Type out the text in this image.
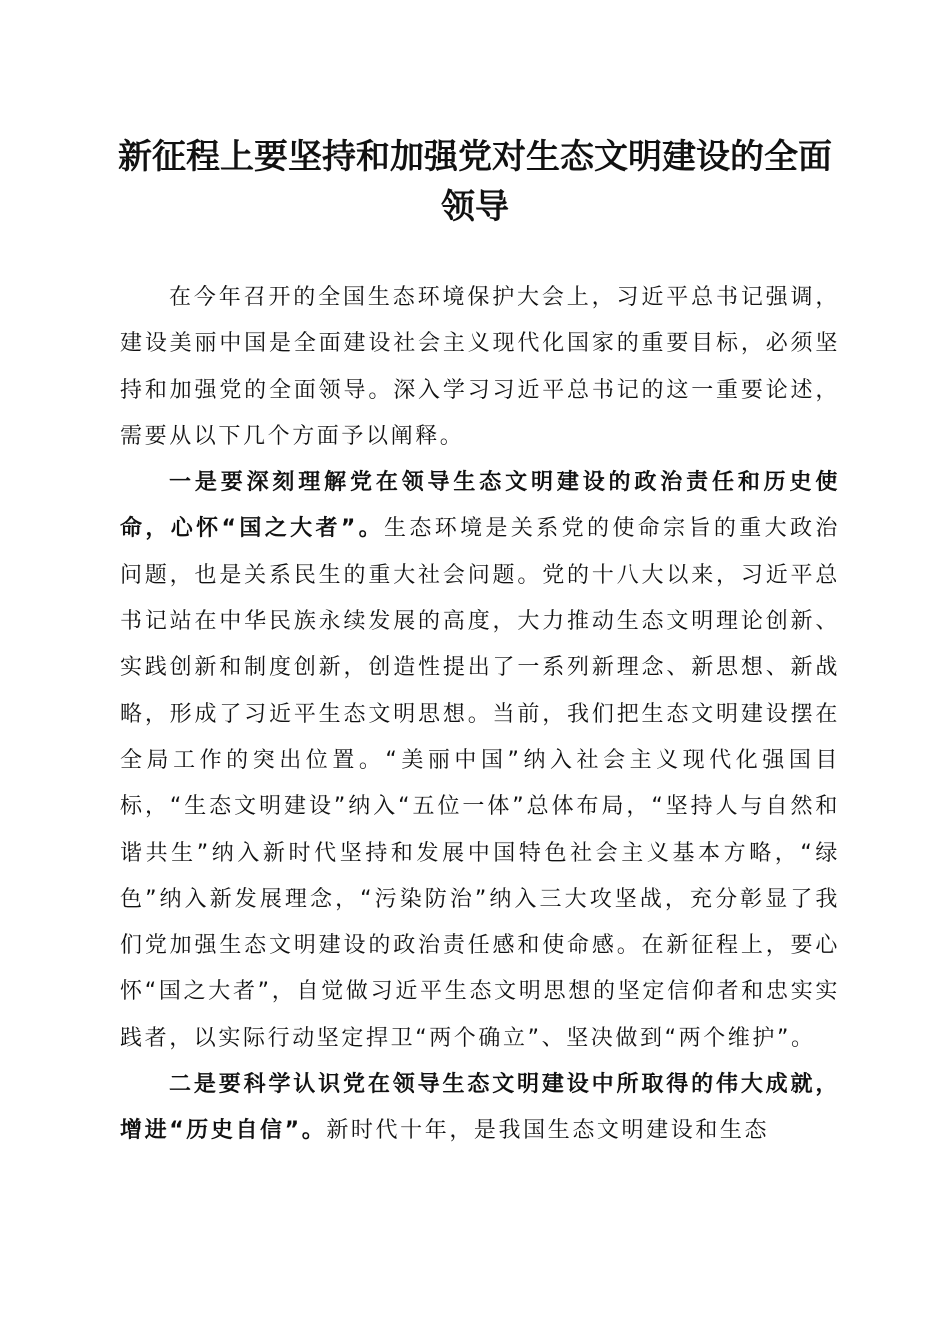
新征程上要坚持和加强党对生态文明建设的全面领导

在今年召开的全国生态环境保护大会上，习近平总书记强调，建设美丽中国是全面建设社会主义现代化国家的重要目标，必须坚持和加强党的全面领导。深入学习习近平总书记的这一重要论述，需要从以下几个方面予以阐释。

一是要深刻理解党在领导生态文明建设的政治责任和历史使命，心怀“国之大者”。生态环境是关系党的使命宗旨的重大政治问题，也是关系民生的重大社会问题。党的十八大以来，习近平总书记站在中华民族永续发展的高度，大力推动生态文明理论创新、实践创新和制度创新，创造性提出了一系列新理念、新思想、新战略，形成了习近平生态文明思想。当前，我们把生态文明建设摆在全局工作的突出位置。“美丽中国”纳入社会主义现代化强国目标，“生态文明建设”纳入“五位一体”总体布局，“坚持人与自然和谐共生”纳入新时代坚持和发展中国特色社会主义基本方略，“绿色”纳入新发展理念，“污染防治”纳入三大攻坚战，充分彰显了我们党加强生态文明建设的政治责任感和使命感。在新征程上，要心怀“国之大者”，自觉做习近平生态文明思想的坚定信仰者和忠实实践者，以实际行动坚定捍卫“两个确立”、坚决做到“两个维护”。

二是要科学认识党在领导生态文明建设中所取得的伟大成就，增进“历史自信”。新时代十年，是我国生态文明建设和生态
